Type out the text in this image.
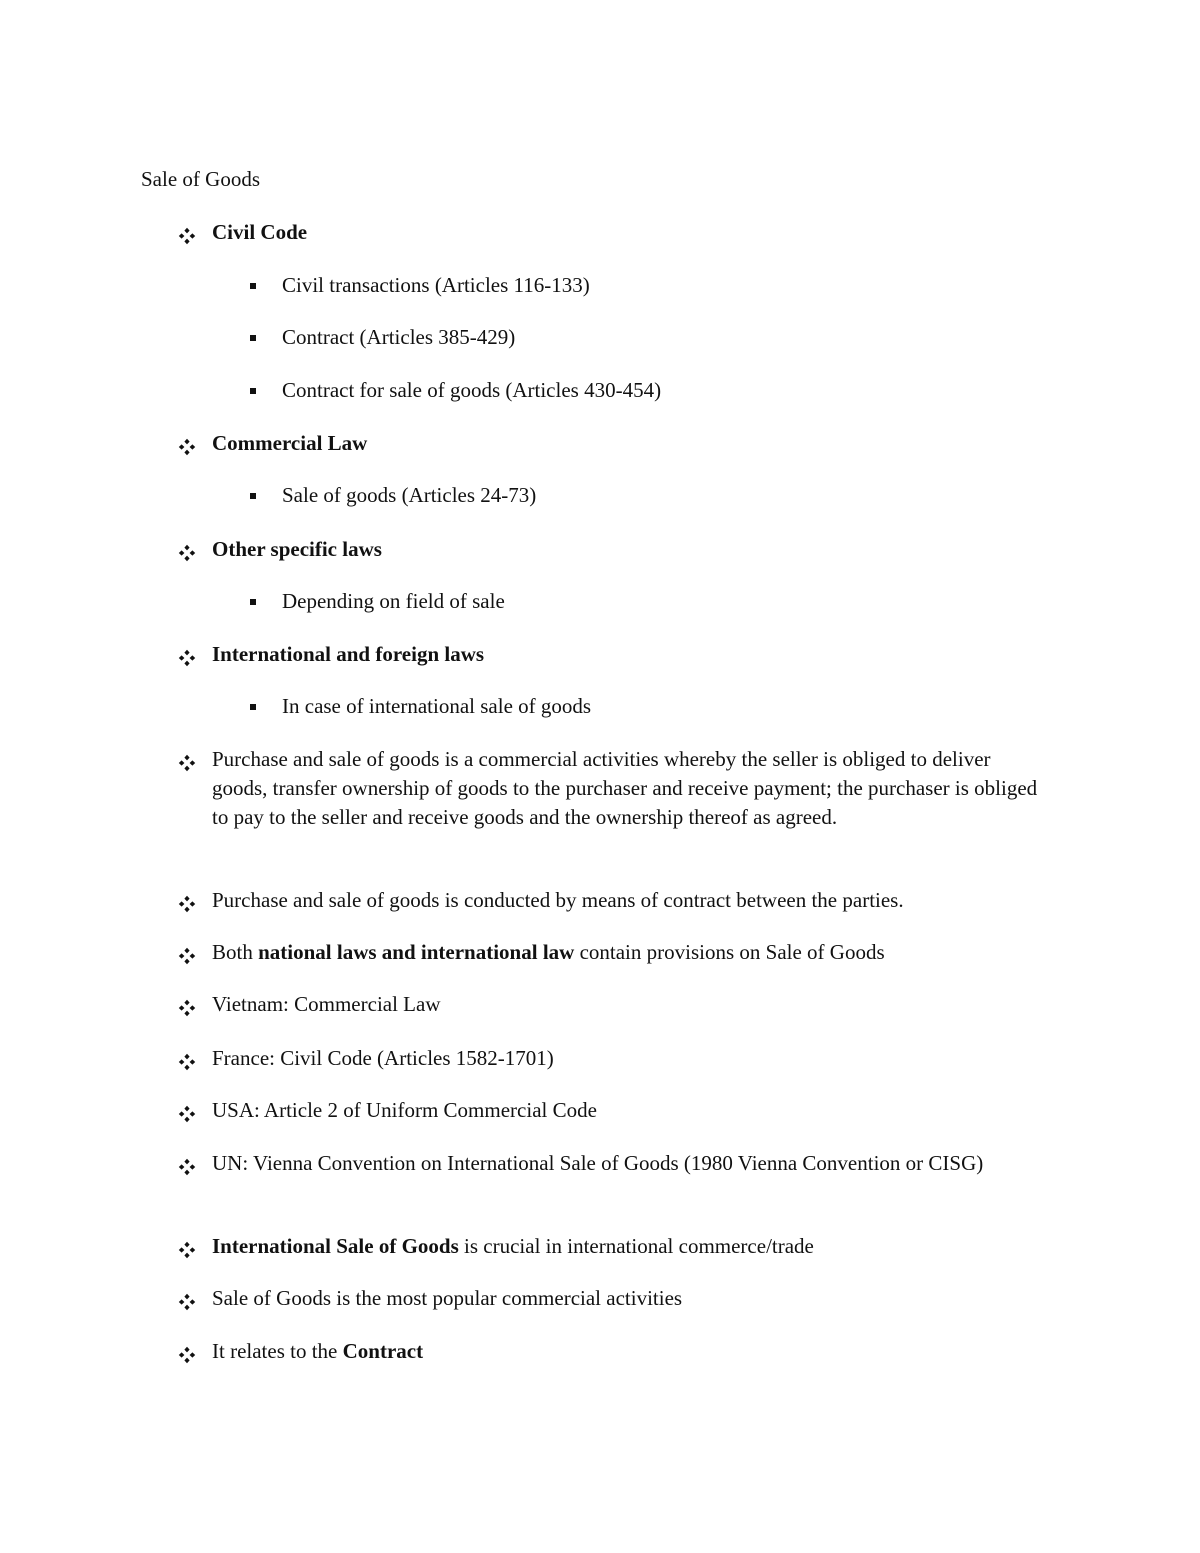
Sale of Goods
Civil Code
Civil transactions (Articles 116-133)
Contract (Articles 385-429)
Contract for sale of goods (Articles 430-454)
Commercial Law
Sale of goods (Articles 24-73)
Other specific laws
Depending on field of sale
International and foreign laws
In case of international sale of goods
Purchase and sale of goods is a commercial activities whereby the seller is obliged to deliver goods, transfer ownership of goods to the purchaser and receive payment; the purchaser is obliged to pay to the seller and receive goods and the ownership thereof as agreed.
Purchase and sale of goods is conducted by means of contract between the parties.
Both national laws and international law contain provisions on Sale of Goods
Vietnam: Commercial Law
France: Civil Code (Articles 1582-1701)
USA: Article 2 of Uniform Commercial Code
UN: Vienna Convention on International Sale of Goods (1980 Vienna Convention or CISG)
International Sale of Goods is crucial in international commerce/trade
Sale of Goods is the most popular commercial activities
It relates to the Contract
